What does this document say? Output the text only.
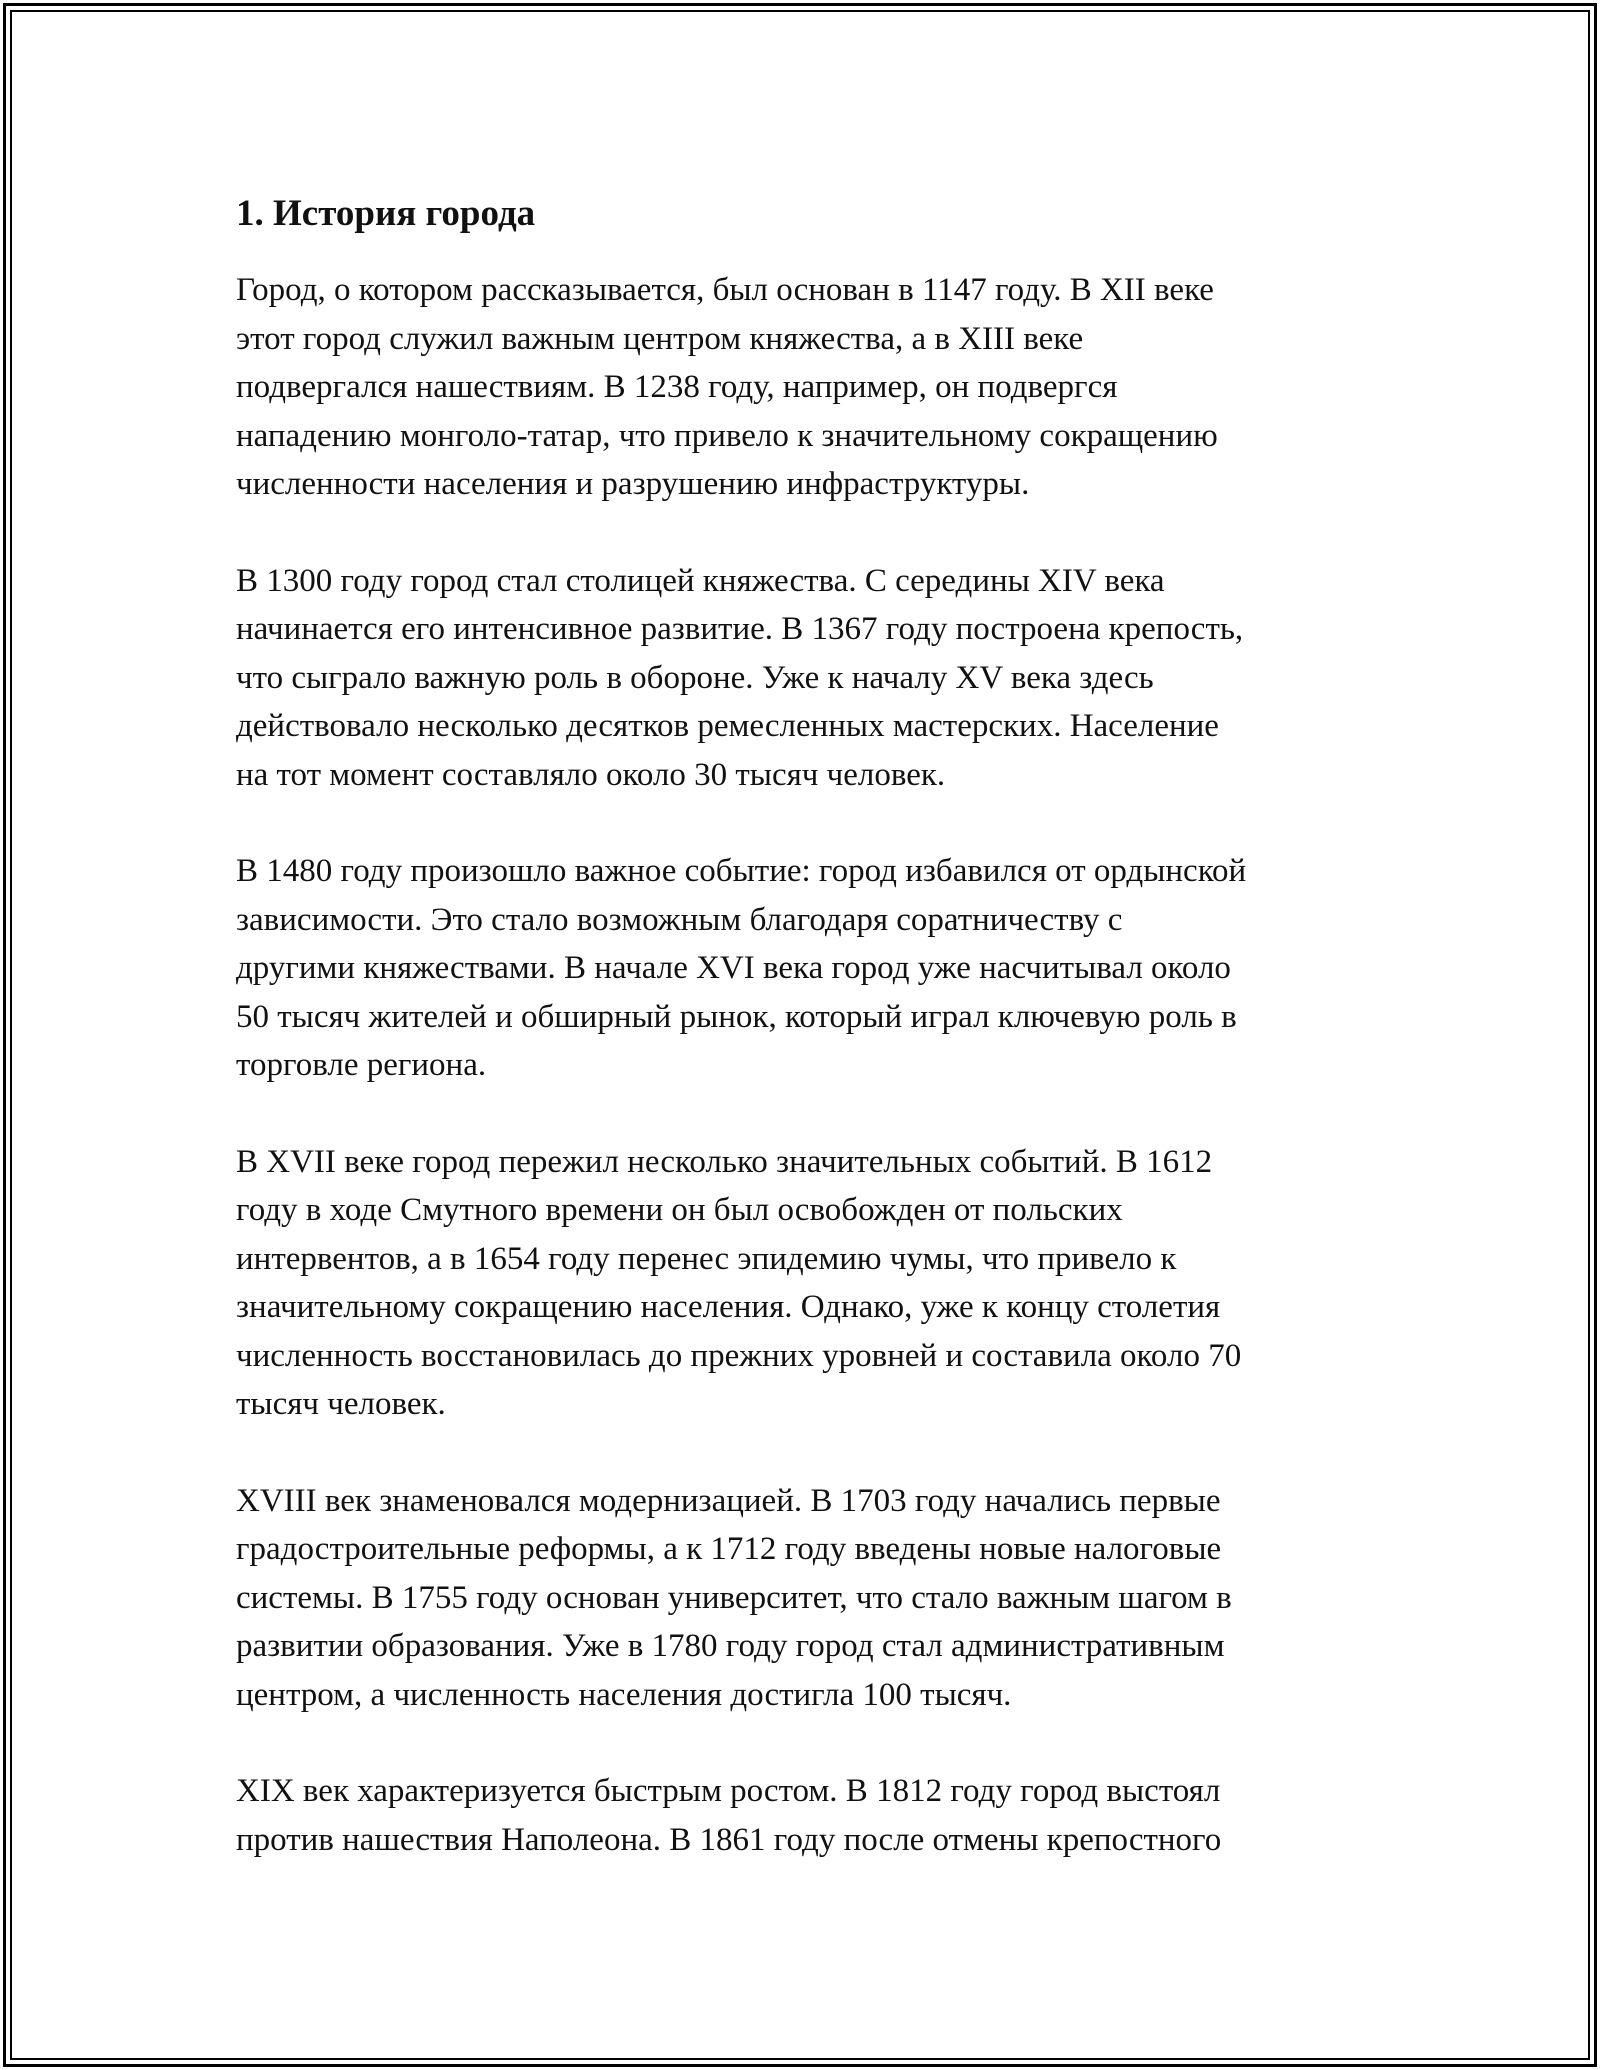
1. История города

Город, о котором рассказывается, был основан в 1147 году. В XII веке
этот город служил важным центром княжества, а в XIII веке
подвергался нашествиям. В 1238 году, например, он подвергся
нападению монголо-татар, что привело к значительному сокращению
численности населения и разрушению инфраструктуры.

В 1300 году город стал столицей княжества. С середины XIV века
начинается его интенсивное развитие. В 1367 году построена крепость,
что сыграло важную роль в обороне. Уже к началу XV века здесь
действовало несколько десятков ремесленных мастерских. Население
на тот момент составляло около 30 тысяч человек.

В 1480 году произошло важное событие: город избавился от ордынской
зависимости. Это стало возможным благодаря соратничеству с
другими княжествами. В начале XVI века город уже насчитывал около
50 тысяч жителей и обширный рынок, который играл ключевую роль в
торговле региона.

В XVII веке город пережил несколько значительных событий. В 1612
году в ходе Смутного времени он был освобожден от польских
интервентов, а в 1654 году перенес эпидемию чумы, что привело к
значительному сокращению населения. Однако, уже к концу столетия
численность восстановилась до прежних уровней и составила около 70
тысяч человек.

XVIII век знаменовался модернизацией. В 1703 году начались первые
градостроительные реформы, а к 1712 году введены новые налоговые
системы. В 1755 году основан университет, что стало важным шагом в
развитии образования. Уже в 1780 году город стал административным
центром, а численность населения достигла 100 тысяч.

XIX век характеризуется быстрым ростом. В 1812 году город выстоял
против нашествия Наполеона. В 1861 году после отмены крепостного
